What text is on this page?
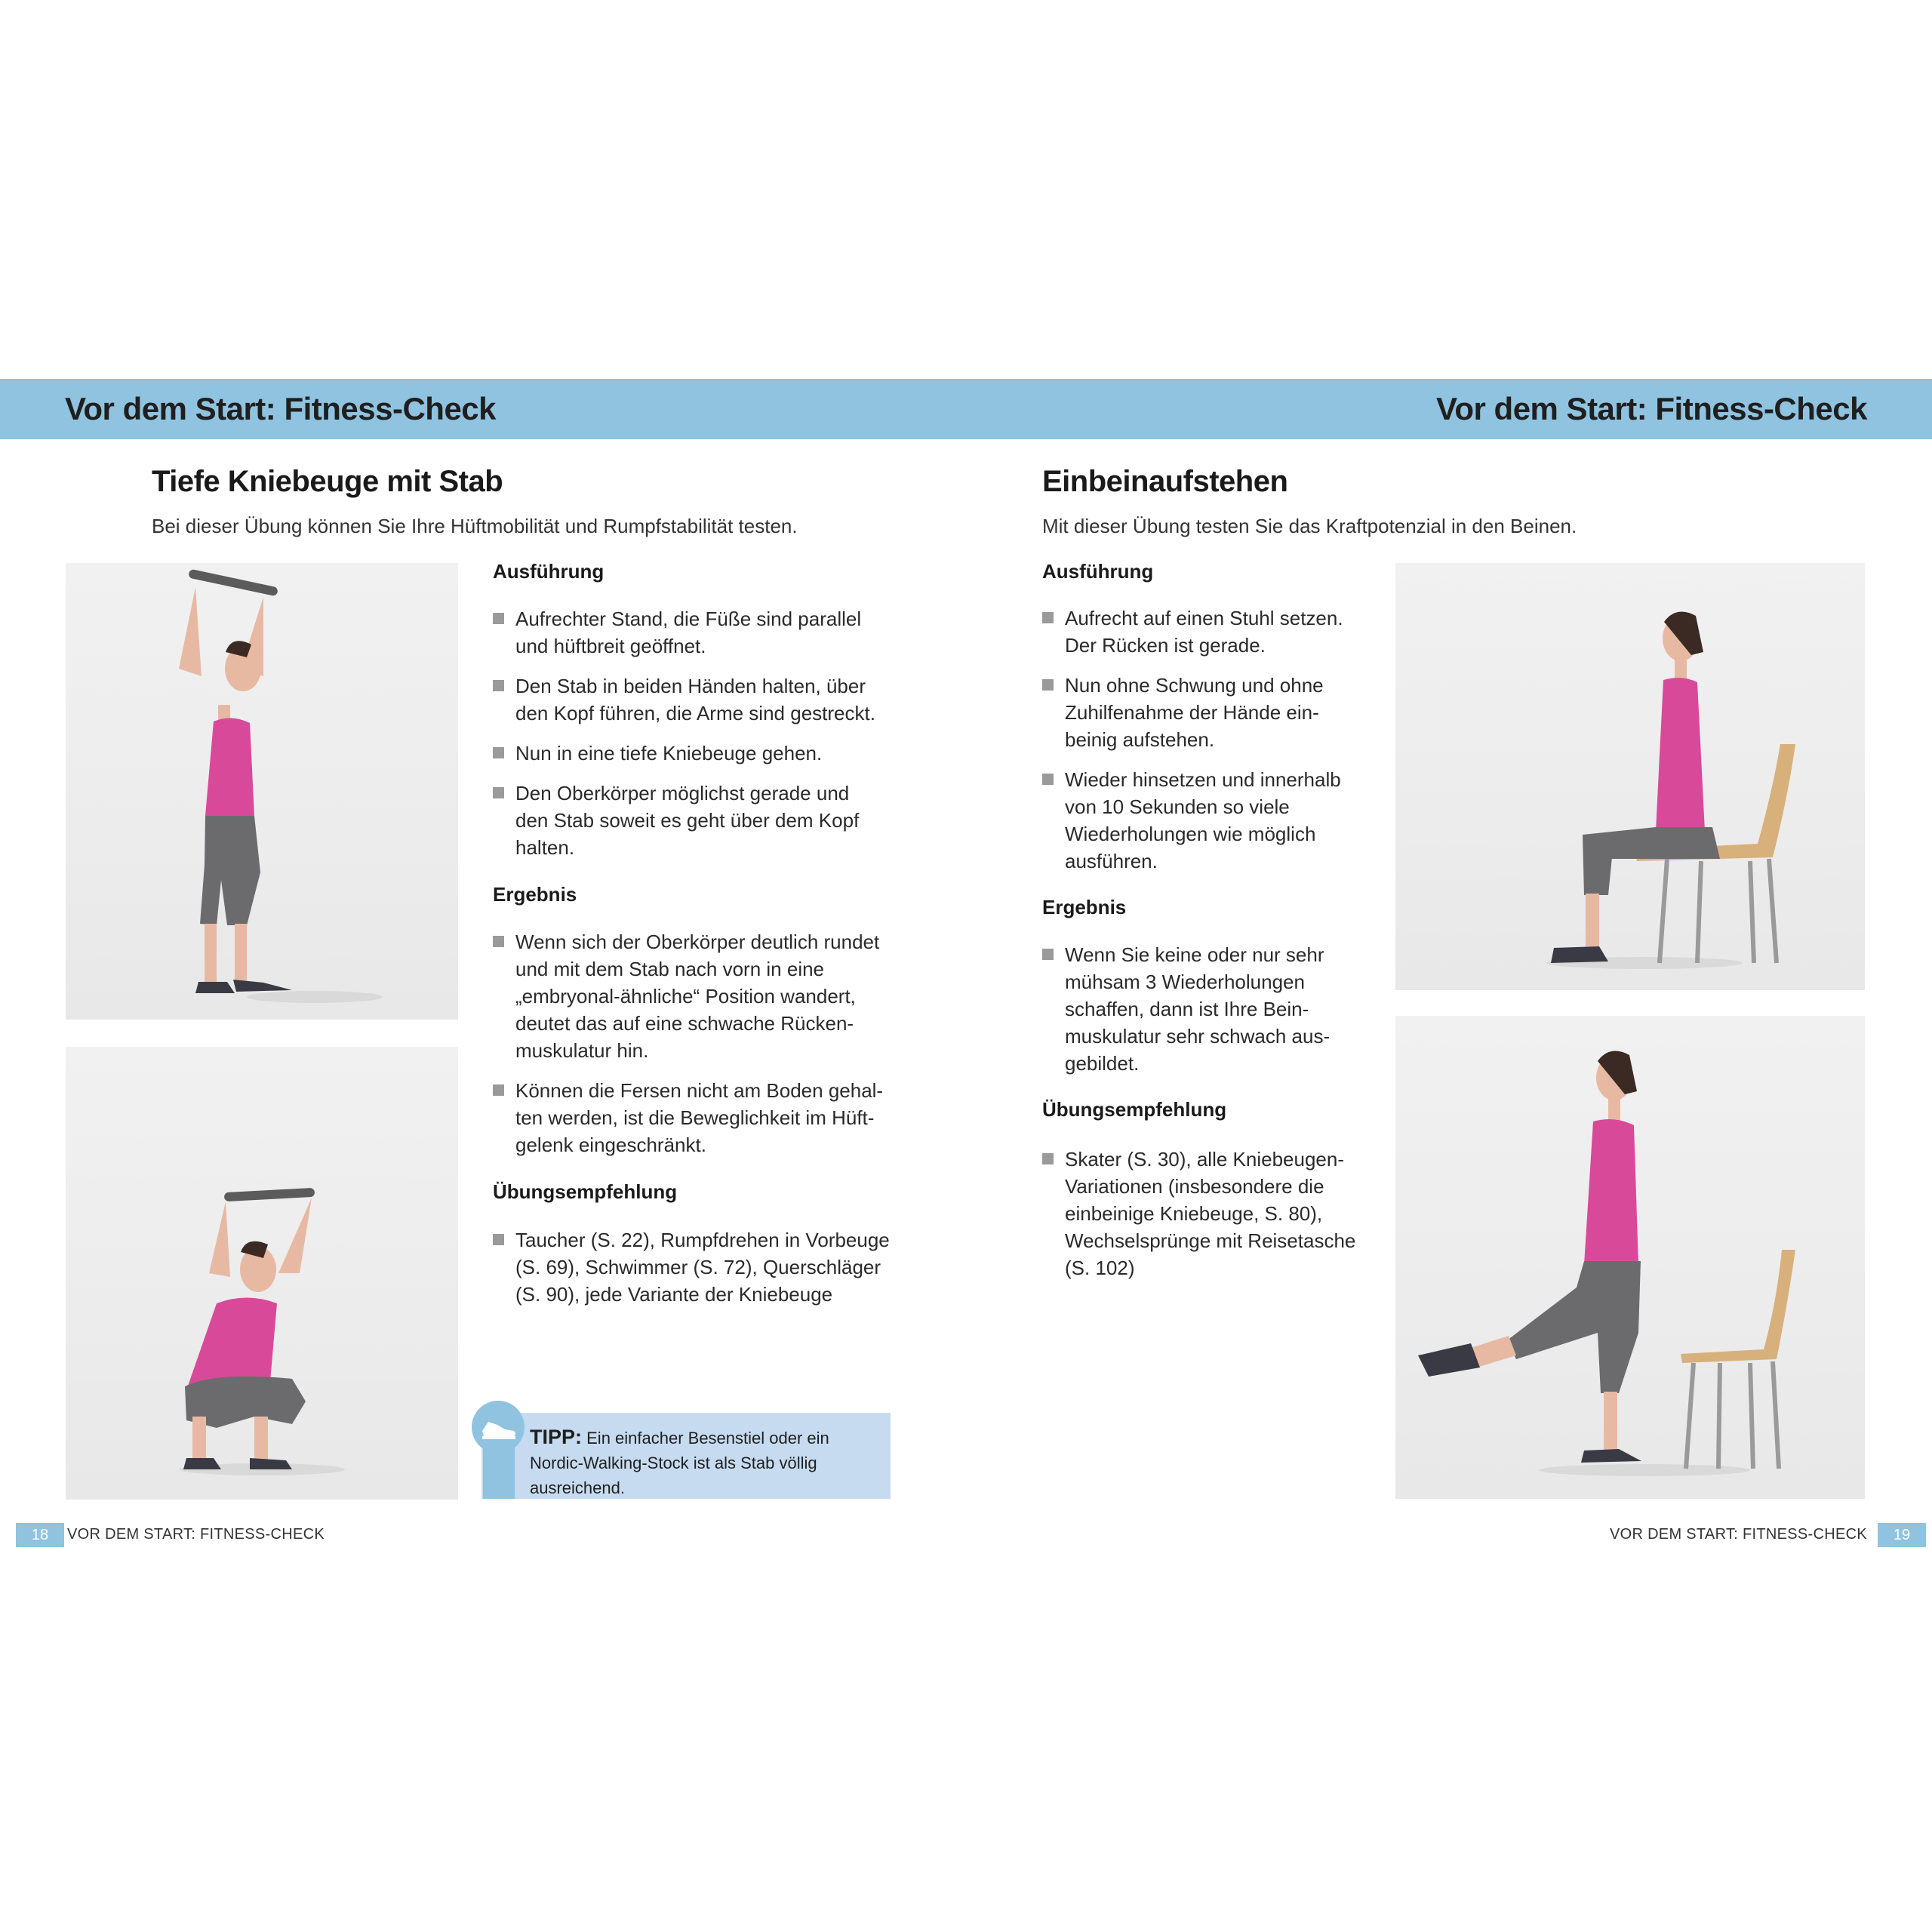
Vor dem Start: Fitness-Check	Vor dem Start: Fitness-Check
Tiefe Kniebeuge mit Stab
Bei dieser Übung können Sie Ihre Hüftmobilität und Rumpfstabilität testen.
Ausführung
Aufrechter Stand, die Füße sind parallel
und hüftbreit geöffnet.
Den Stab in beiden Händen halten, über
den Kopf führen, die Arme sind gestreckt.
Nun in eine tiefe Kniebeuge gehen.
Den Oberkörper möglichst gerade und
den Stab soweit es geht über dem Kopf
halten.
Ergebnis
Wenn sich der Oberkörper deutlich rundet
und mit dem Stab nach vorn in eine
„embryonal-ähnliche“ Position wandert,
deutet das auf eine schwache Rücken-
muskulatur hin.
Können die Fersen nicht am Boden gehal-
ten werden, ist die Beweglichkeit im Hüft-
gelenk eingeschränkt.
Übungsempfehlung
Taucher (S. 22), Rumpfdrehen in Vorbeuge
(S. 69), Schwimmer (S. 72), Querschläger
(S. 90), jede Variante der Kniebeuge
TIPP: Ein einfacher Besenstiel oder ein Nordic-Walking-Stock ist als Stab völlig ausreichend.
Einbeinaufstehen
Mit dieser Übung testen Sie das Kraftpotenzial in den Beinen.
Ausführung
Aufrecht auf einen Stuhl setzen.
Der Rücken ist gerade.
Nun ohne Schwung und ohne
Zuhilfenahme der Hände ein-
beinig aufstehen.
Wieder hinsetzen und innerhalb
von 10 Sekunden so viele
Wiederholungen wie möglich
ausführen.
Ergebnis
Wenn Sie keine oder nur sehr
mühsam 3 Wiederholungen
schaffen, dann ist Ihre Bein-
muskulatur sehr schwach aus-
gebildet.
Übungsempfehlung
Skater (S. 30), alle Kniebeugen-
Variationen (insbesondere die
einbeinige Kniebeuge, S. 80),
Wechselsprünge mit Reisetasche
(S. 102)
18	VOR DEM START: FITNESS-CHECK	VOR DEM START: FITNESS-CHECK	19
